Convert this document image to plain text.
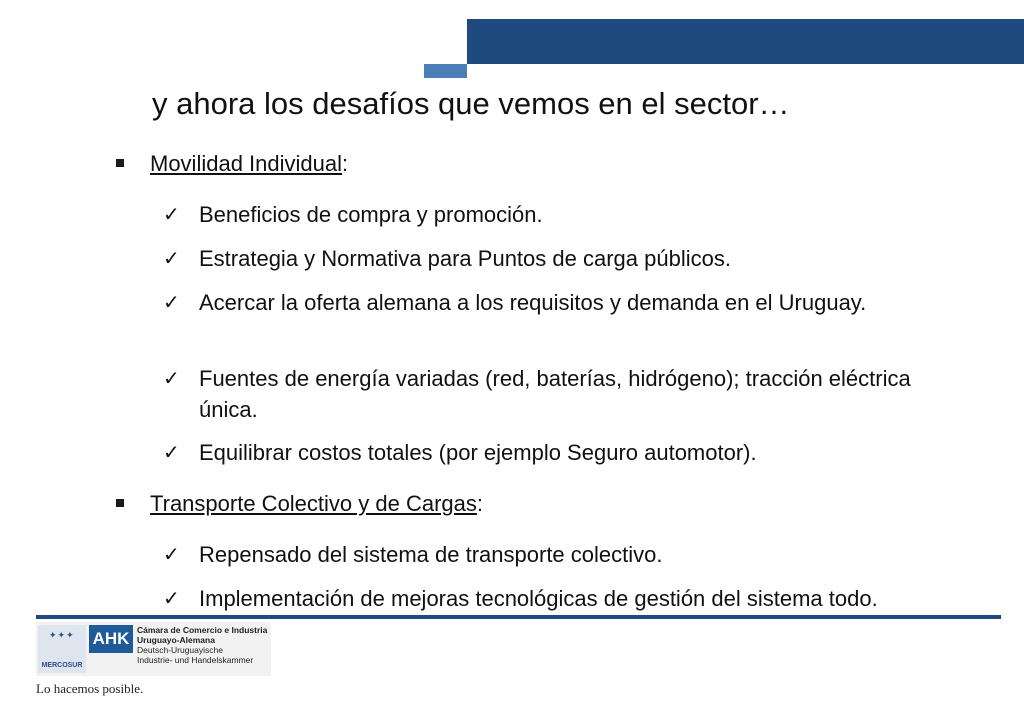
y ahora los desafíos que vemos en el sector…
Movilidad Individual:
✓ Beneficios de compra y promoción.
✓ Estrategia y Normativa para Puntos de carga públicos.
✓ Acercar la oferta alemana a los requisitos y demanda en el Uruguay.
✓ Fuentes de energía variadas (red, baterías, hidrógeno); tracción eléctrica única.
✓ Equilibrar costos totales (por ejemplo Seguro automotor).
Transporte Colectivo y de Cargas:
✓ Repensado del sistema de transporte colectivo.
✓ Implementación de mejoras tecnológicas de gestión del sistema todo.
✦✦✦
MERCOSUR
AHK Cámara de Comercio e Industria
Uruguayo-Alemana
Deutsch-Uruguayische
Industrie- und Handelskammer
Lo hacemos posible.
